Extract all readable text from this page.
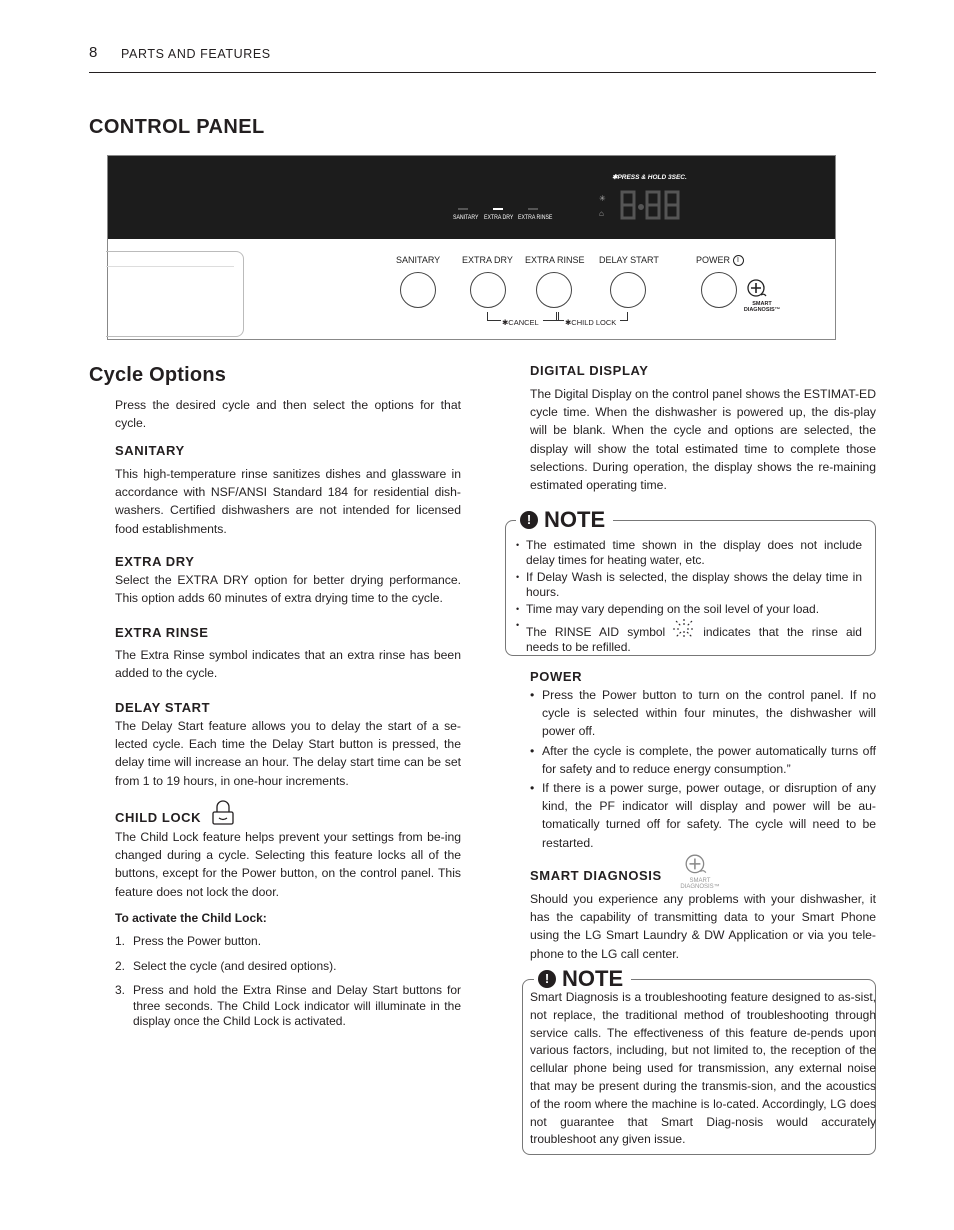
8 PARTS AND FEATURES
CONTROL PANEL
✱PRESS & HOLD 3SEC.
SANITARY EXTRA DRY EXTRA RINSE
✳
⌂
SANITARY EXTRA DRY EXTRA RINSE DELAY START	POWER I
SMART DIAGNOSIS™
✱CANCEL	✱CHILD LOCK
Cycle Options
Press the desired cycle and then select the options for that cycle.
SANITARY
This high-temperature rinse sanitizes dishes and glassware in accordance with NSF/ANSI Standard 184 for residential dish-washers. Certified dishwashers are not intended for licensed food establishments.
EXTRA DRY
Select the EXTRA DRY option for better drying performance. This option adds 60 minutes of extra drying time to the cycle.
EXTRA RINSE
The Extra Rinse symbol indicates that an extra rinse has been added to the cycle.
DELAY START
The Delay Start feature allows you to delay the start of a se-lected cycle. Each time the Delay Start button is pressed, the delay time will increase an hour. The delay start time can be set from 1 to 19 hours, in one-hour increments.
CHILD LOCK
The Child Lock feature helps prevent your settings from be-ing changed during a cycle. Selecting this feature locks all of the buttons, except for the Power button, on the control panel. This feature does not lock the door.
To activate the Child Lock:
1. Press the Power button.
2. Select the cycle (and desired options).
3. Press and hold the Extra Rinse and Delay Start buttons for three seconds. The Child Lock indicator will illuminate in the display once the Child Lock is activated.
DIGITAL DISPLAY
The Digital Display on the control panel shows the ESTIMAT-ED cycle time. When the dishwasher is powered up, the dis-play will be blank. When the cycle and options are selected, the display will show the total estimated time to complete those selections. During operation, the display shows the re-maining estimated operating time.
! NOTE
• The estimated time shown in the display does not include delay times for heating water, etc.
• If Delay Wash is selected, the display shows the delay time in hours.
• Time may vary depending on the soil level of your load.
• The RINSE AID symbol	indicates that the rinse aid needs to be refilled.
POWER
• Press the Power button to turn on the control panel. If no cycle is selected within four minutes, the dishwasher will power off.
• After the cycle is complete, the power automatically turns off for safety and to reduce energy consumption.”
• If there is a power surge, power outage, or disruption of any kind, the PF indicator will display and power will be au-tomatically turned off for safety. The cycle will need to be restarted.
SMART DIAGNOSIS	SMART DIAGNOSIS™
Should you experience any problems with your dishwasher, it has the capability of transmitting data to your Smart Phone using the LG Smart Laundry & DW Application or via you tele-phone to the LG call center.
! NOTE
Smart Diagnosis is a troubleshooting feature designed to as-sist, not replace, the traditional method of troubleshooting through service calls. The effectiveness of this feature de-pends upon various factors, including, but not limited to, the reception of the cellular phone being used for transmission, any external noise that may be present during the transmis-sion, and the acoustics of the room where the machine is lo-cated. Accordingly, LG does not guarantee that Smart Diag-nosis would accurately troubleshoot any given issue.
